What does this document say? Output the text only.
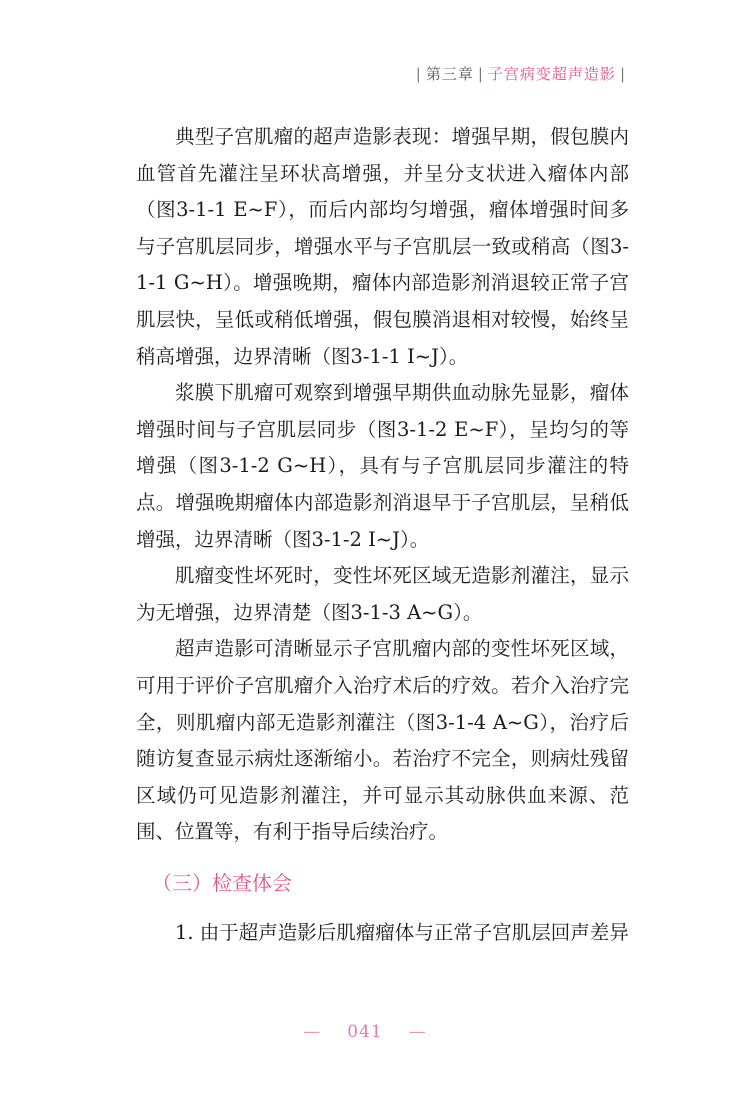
| 第三章 | 子宫病变超声造影 |

典型子宫肌瘤的超声造影表现：增强早期，假包膜内血管首先灌注呈环状高增强，并呈分支状进入瘤体内部（图3-1-1 E~F），而后内部均匀增强，瘤体增强时间多与子宫肌层同步，增强水平与子宫肌层一致或稍高（图3-1-1 G~H）。增强晚期，瘤体内部造影剂消退较正常子宫肌层快，呈低或稍低增强，假包膜消退相对较慢，始终呈稍高增强，边界清晰（图3-1-1 I~J）。

浆膜下肌瘤可观察到增强早期供血动脉先显影，瘤体增强时间与子宫肌层同步（图3-1-2 E~F），呈均匀的等增强（图3-1-2 G~H），具有与子宫肌层同步灌注的特点。增强晚期瘤体内部造影剂消退早于子宫肌层，呈稍低增强，边界清晰（图3-1-2 I~J）。

肌瘤变性坏死时，变性坏死区域无造影剂灌注，显示为无增强，边界清楚（图3-1-3 A~G）。

超声造影可清晰显示子宫肌瘤内部的变性坏死区域，可用于评价子宫肌瘤介入治疗术后的疗效。若介入治疗完全，则肌瘤内部无造影剂灌注（图3-1-4 A~G），治疗后随访复查显示病灶逐渐缩小。若治疗不完全，则病灶残留区域仍可见造影剂灌注，并可显示其动脉供血来源、范围、位置等，有利于指导后续治疗。

（三）检查体会

1. 由于超声造影后肌瘤瘤体与正常子宫肌层回声差异

— 041 —
